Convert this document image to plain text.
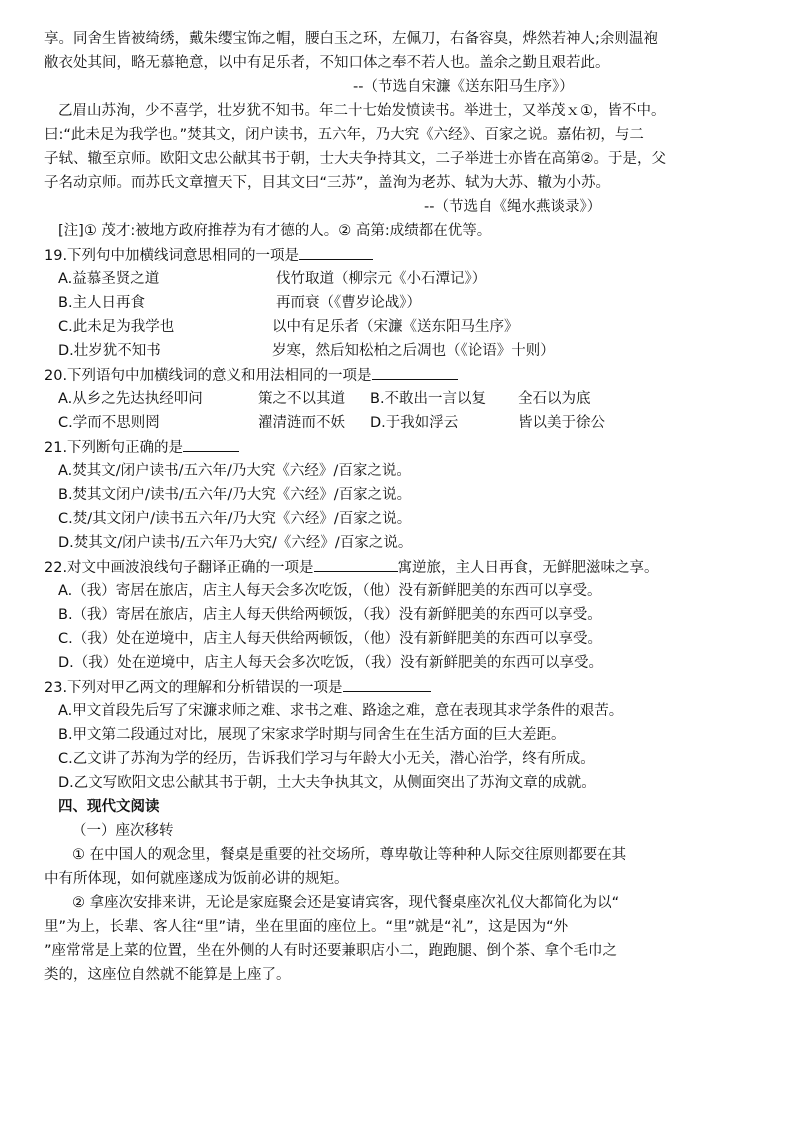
享。同舍生皆被绮绣，戴朱缨宝饰之帽，腰白玉之环，左佩刀，右备容臭，烨然若神人;余则温袍
敝衣处其间，略无慕艳意，以中有足乐者，不知口体之奉不若人也。盖余之勤且艰若此。
--（节选自宋濂《送东阳马生序》）
乙眉山苏洵，少不喜学，壮岁犹不知书。年二十七始发愤读书。举进士，又举茂ｘ①，皆不中。
曰:“此未足为我学也。”焚其文，闭户读书，五六年，乃大究《六经》、百家之说。嘉佑初，与二
子轼、辙至京师。欧阳文忠公献其书于朝，士大夫争持其文，二子举进士亦皆在高第②。于是，父
子名动京师。而苏氏文章擅天下，目其文曰“三苏”，盖洵为老苏、轼为大苏、辙为小苏。
--（节选自《绳水燕谈录》）
[注]① 茂才:被地方政府推荐为有才德的人。② 高第:成绩都在优等。
19.下列句中加横线词意思相同的一项是
A.益慕圣贤之道	伐竹取道（柳宗元《小石潭记》）
B.主人日再食	再而衰（《曹岁论战》）
C.此未足为我学也	以中有足乐者（宋濂《送东阳马生序》
D.壮岁犹不知书	岁寒，然后知松柏之后凋也（《论语》十则）
20.下列语句中加横线词的意义和用法相同的一项是
A.从乡之先达执经叩问	策之不以其道 B.不敢出一言以复 全石以为底
C.学而不思则罔	濯清涟而不妖 D.于我如浮云	皆以美于徐公
21.下列断句正确的是
A.焚其文/闭户读书/五六年/乃大究《六经》/百家之说。
B.焚其文闭户/读书/五六年/乃大究《六经》/百家之说。
C.焚/其文闭户/读书五六年/乃大究《六经》/百家之说。
D.焚其文/闭户读书/五六年乃大究/《六经》/百家之说。
22.对文中画波浪线句子翻译正确的一项是	寓逆旅，主人日再食，无鲜肥滋味之享。
A.（我）寄居在旅店，店主人每天会多次吃饭，（他）没有新鲜肥美的东西可以享受。
B.（我）寄居在旅店，店主人每天供给两顿饭，（我）没有新鲜肥美的东西可以享受。
C.（我）处在逆境中，店主人每天供给两顿饭，（他）没有新鲜肥美的东西可以享受。
D.（我）处在逆境中，店主人每天会多次吃饭，（我）没有新鲜肥美的东西可以享受。
23.下列对甲乙两文的理解和分析错误的一项是
A.甲文首段先后写了宋濂求师之难、求书之难、路途之难，意在表现其求学条件的艰苦。
B.甲文第二段通过对比，展现了宋家求学时期与同舍生在生活方面的巨大差距。
C.乙文讲了苏洵为学的经历，告诉我们学习与年龄大小无关，潜心治学，终有所成。
D.乙文写欧阳文忠公献其书于朝，土大夫争执其文，从侧面突出了苏洵文章的成就。
四、现代文阅读
（一）座次移转
① 在中国人的观念里，餐桌是重要的社交场所，尊卑敬让等种种人际交往原则都要在其
中有所体现，如何就座遂成为饭前必讲的规矩。
② 拿座次安排来讲，无论是家庭聚会还是宴请宾客，现代餐桌座次礼仪大都简化为以“
里”为上，长辈、客人往“里”请，坐在里面的座位上。“里”就是“礼”，这是因为“外
”座常常是上菜的位置，坐在外侧的人有时还要兼职店小二，跑跑腿、倒个茶、拿个毛巾之
类的，这座位自然就不能算是上座了。
